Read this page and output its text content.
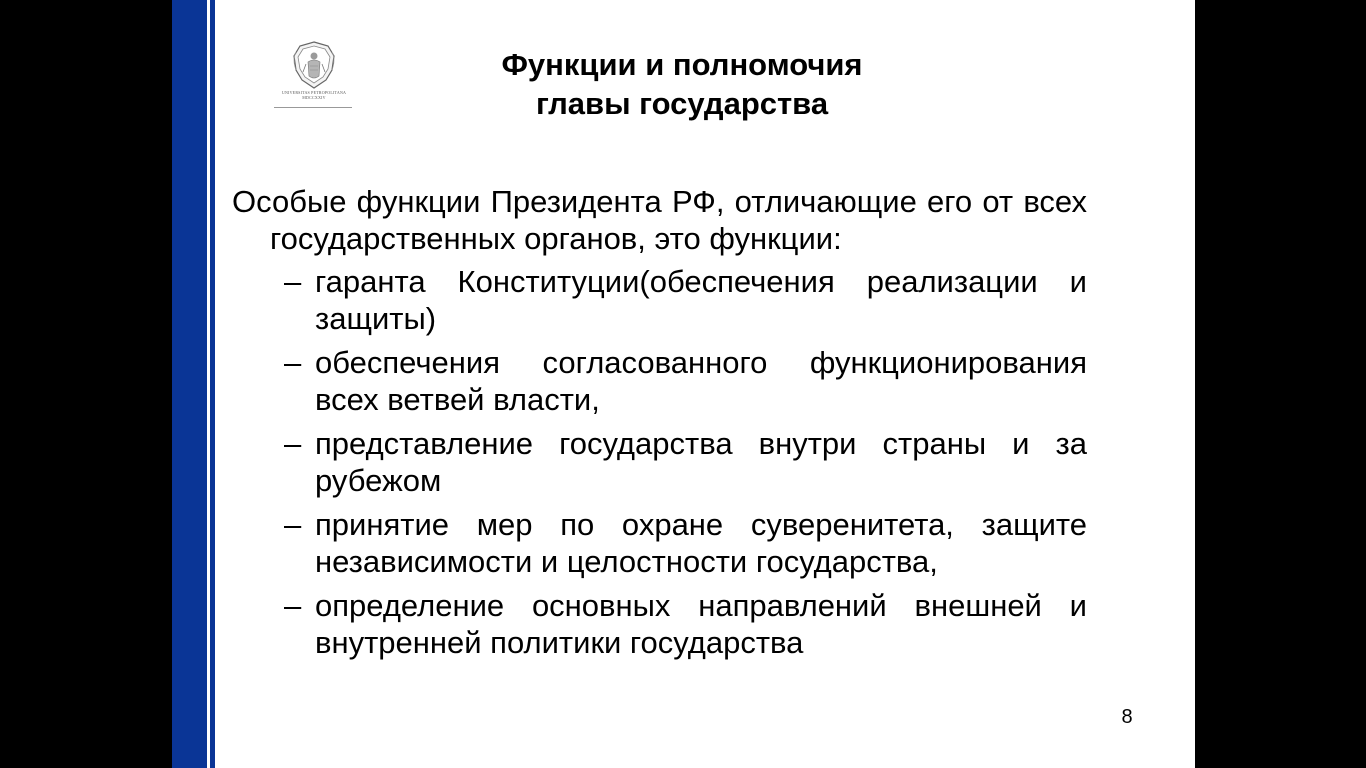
UNIVERSITAS PETROPOLITANA MDCCXXIV
Функции и полномочия
главы государства

Особые функции Президента РФ, отличающие его от всех государственных органов, это функции:

– гаранта Конституции(обеспечения реализации и защиты)
– обеспечения согласованного функционирования всех ветвей власти,
– представление государства внутри страны и за рубежом
– принятие мер по охране суверенитета, защите независимости и целостности государства,
– определение основных направлений внешней и внутренней политики государства
8
